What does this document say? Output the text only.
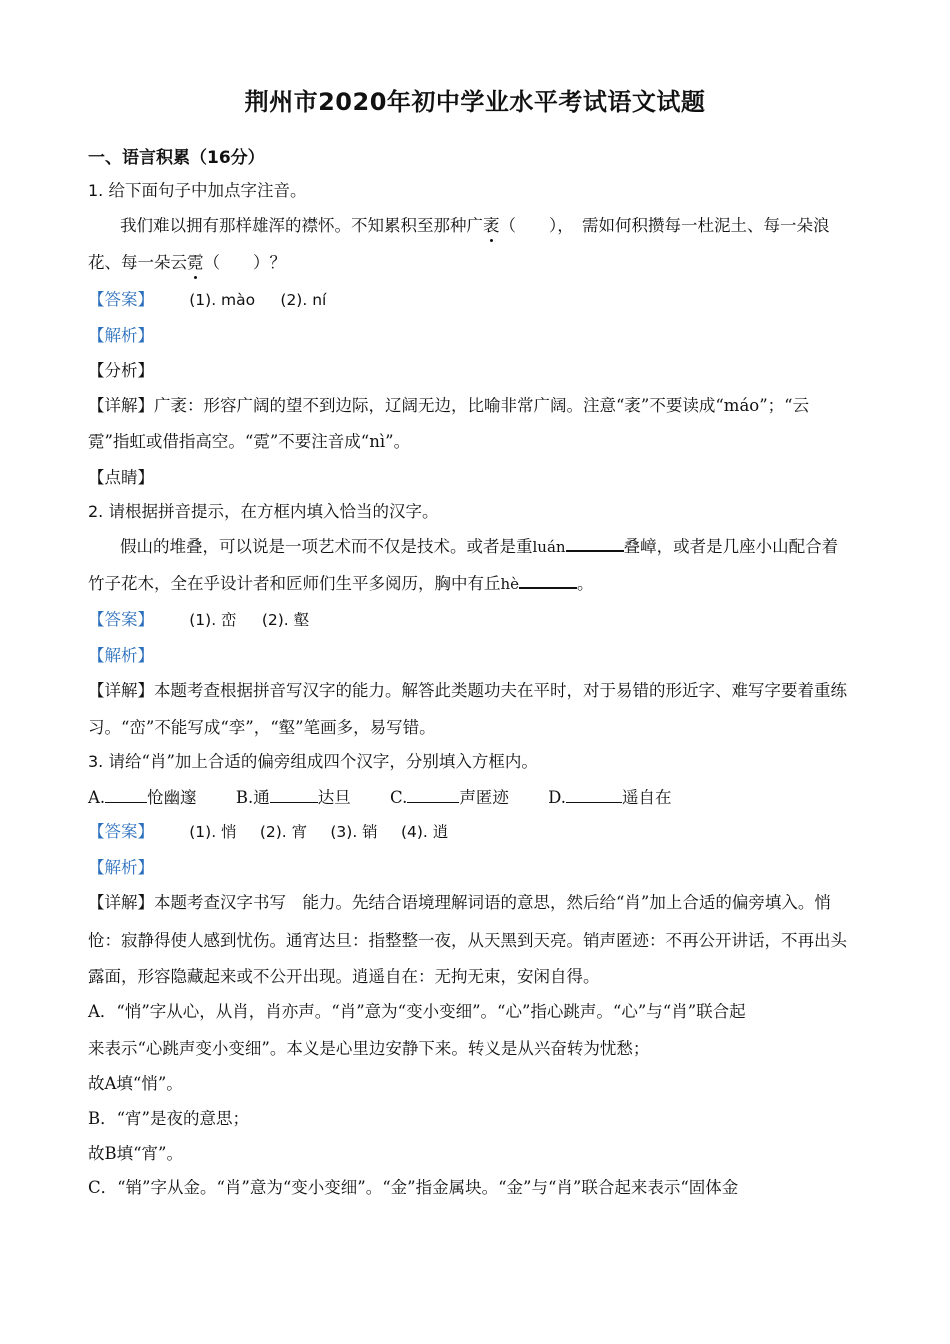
荆州市2020年初中学业水平考试语文试题
一、语言积累（16分）
1. 给下面句子中加点字注音。
我们难以拥有那样雄浑的襟怀。不知累积至那种广袤（　　），　需如何积攒每一杜泥土、每一朵浪
花、每一朵云霓（　　）？
【答案】 (1). mào (2). ní
【解析】
【分析】
【详解】广袤：形容广阔的望不到边际，辽阔无边，比喻非常广阔。注意“袤”不要读成“máo”；“云
霓”指虹或借指高空。“霓”不要注音成“nì”。
【点睛】
2. 请根据拼音提示，在方框内填入恰当的汉字。
假山的堆叠，可以说是一项艺术而不仅是技术。或者是重luán	叠嶂，或者是几座小山配合着
竹子花木，全在乎设计者和匠师们生平多阅历，胸中有丘hè	。
【答案】 (1). 峦 (2). 壑
【解析】
【详解】本题考查根据拼音写汉字的能力。解答此类题功夫在平时，对于易错的形近字、难写字要着重练
习。“峦”不能写成“孪”，“壑”笔画多，易写错。
3. 请给“肖”加上合适的偏旁组成四个汉字，分别填入方框内。
A.	怆幽邃 B.通	达旦 C.	声匿迹 D.	遥自在
【答案】 (1). 悄 (2). 宵 (3). 销 (4). 逍
【解析】
【详解】本题考查汉字书写　能力。先结合语境理解词语的意思，然后给“肖”加上合适的偏旁填入。悄
怆：寂静得使人感到忧伤。通宵达旦：指整整一夜，从天黑到天亮。销声匿迹：不再公开讲话，不再出头
露面，形容隐藏起来或不公开出现。逍遥自在：无拘无束，安闲自得。
A．“悄”字从心，从肖，肖亦声。“肖”意为“变小变细”。“心”指心跳声。“心”与“肖”联合起
来表示“心跳声变小变细”。本义是心里边安静下来。转义是从兴奋转为忧愁；
故A填“悄”。
B．“宵”是夜的意思；
故B填“宵”。
C．“销”字从金。“肖”意为“变小变细”。“金”指金属块。“金”与“肖”联合起来表示“固体金
